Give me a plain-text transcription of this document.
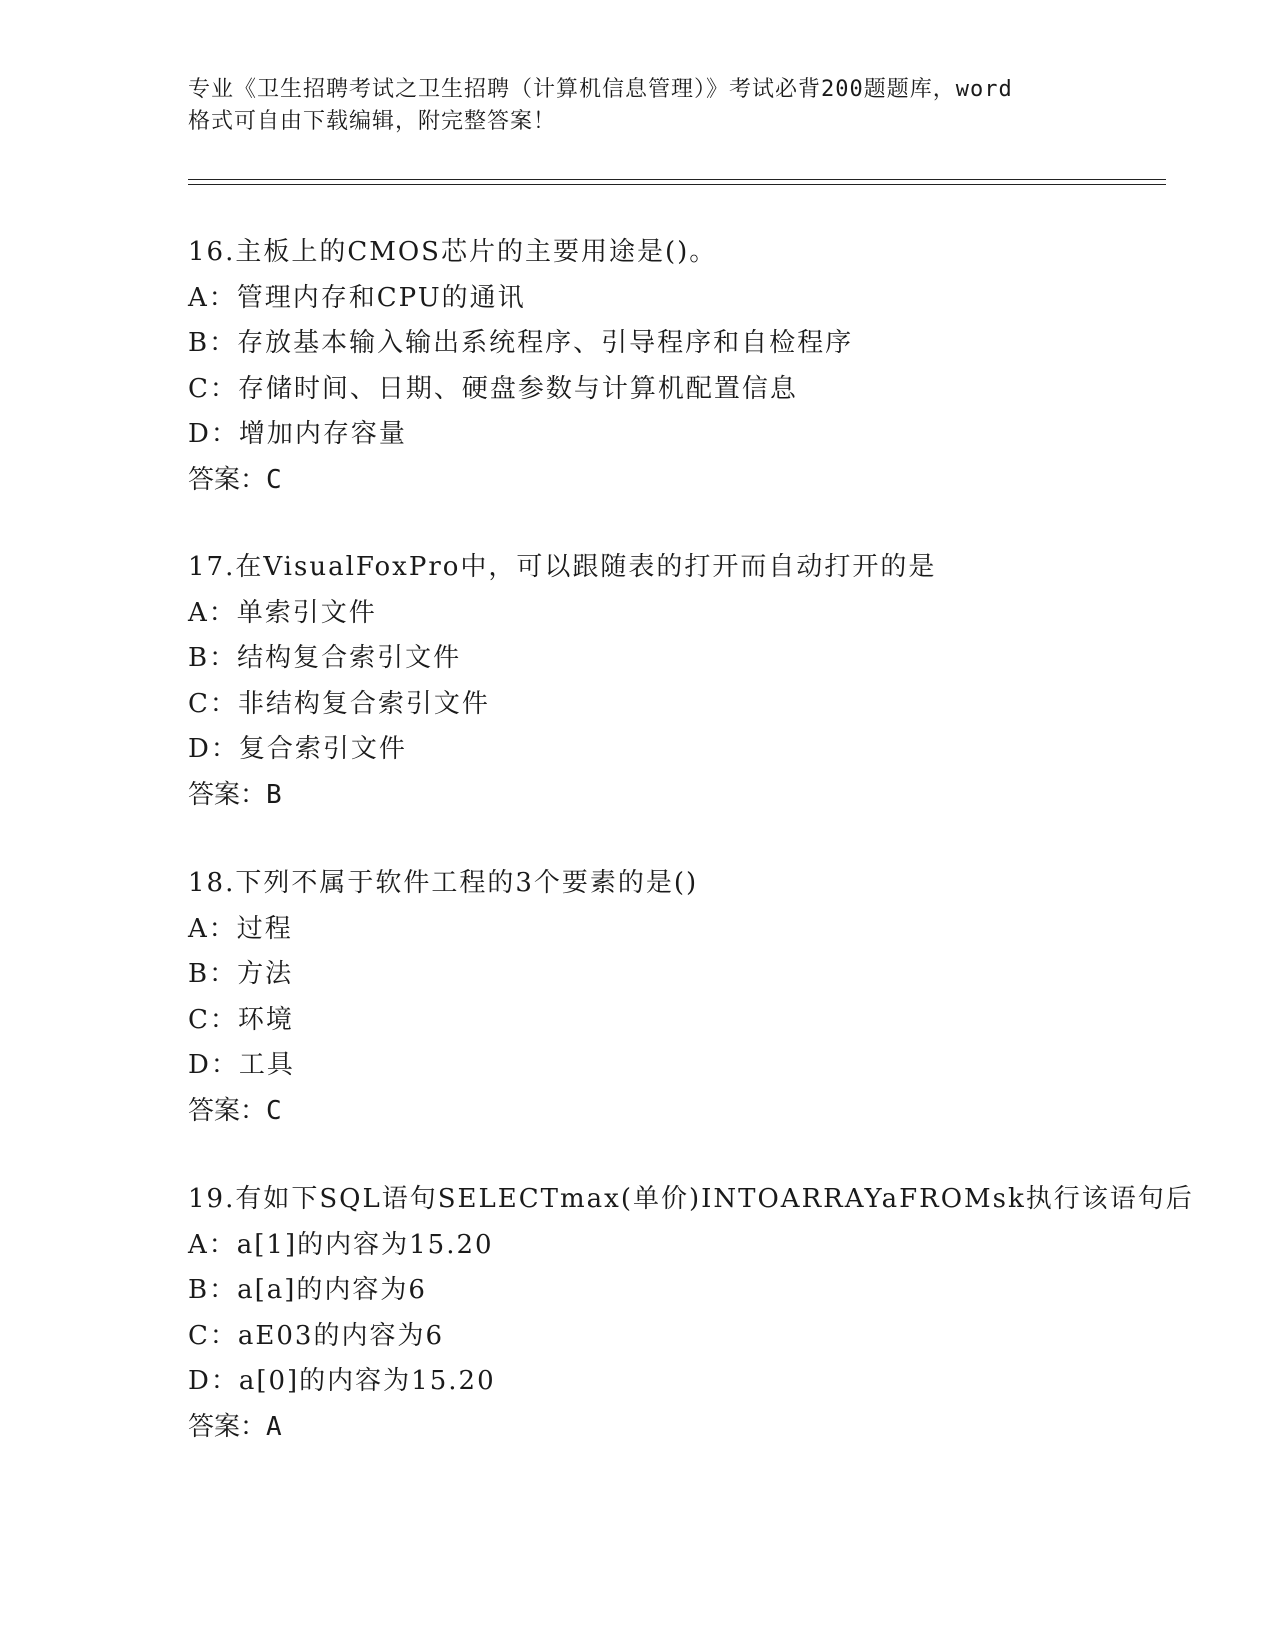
专业《卫生招聘考试之卫生招聘（计算机信息管理）》考试必背200题题库，word
格式可自由下载编辑，附完整答案！
16.主板上的CMOS芯片的主要用途是()。
A：管理内存和CPU的通讯
B：存放基本输入输出系统程序、引导程序和自检程序
C：存储时间、日期、硬盘参数与计算机配置信息
D：增加内存容量
答案：C
17.在VisualFoxPro中，可以跟随表的打开而自动打开的是
A：单索引文件
B：结构复合索引文件
C：非结构复合索引文件
D：复合索引文件
答案：B
18.下列不属于软件工程的3个要素的是()
A：过程
B：方法
C：环境
D：工具
答案：C
19.有如下SQL语句SELECTmax(单价)INTOARRAYaFROMsk执行该语句后
A：a[1]的内容为15.20
B：a[a]的内容为6
C：aE03的内容为6
D：a[0]的内容为15.20
答案：A
